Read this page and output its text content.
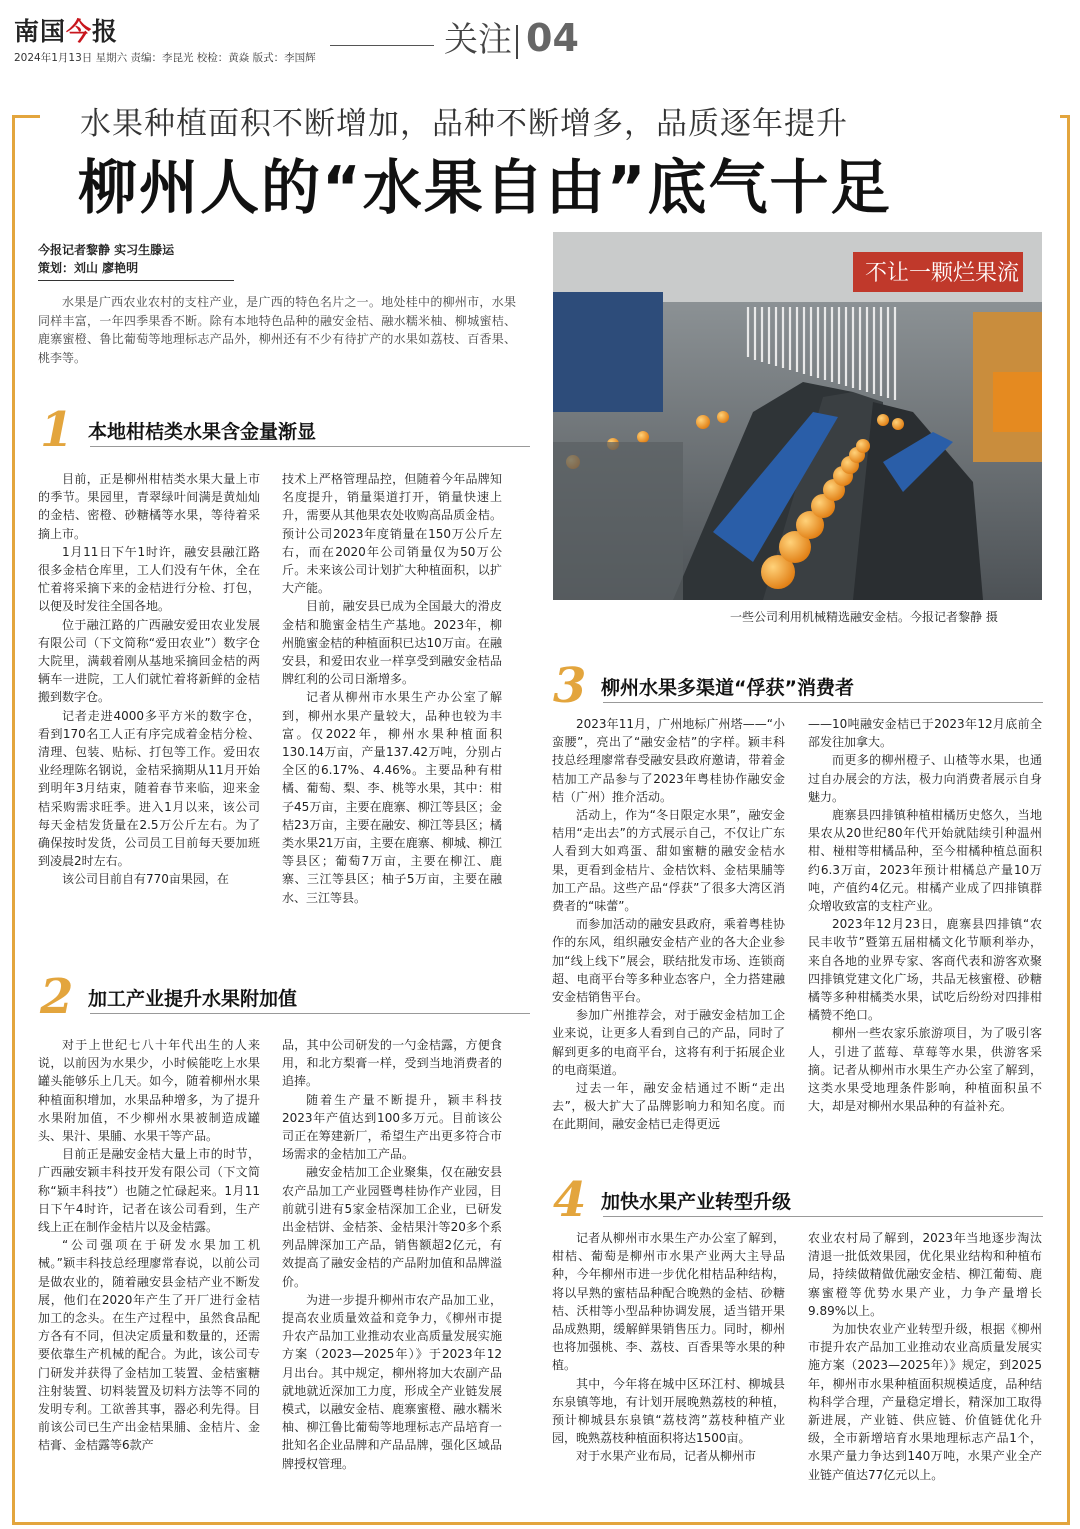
南国今报
2024年1月13日 星期六 责编：李昆光 校检：黄焱 版式：李国辉	关注 04
水果种植面积不断增加，品种不断增多，品质逐年提升
柳州人的“水果自由”底气十足
今报记者黎静 实习生滕运
策划：刘山 廖艳明
水果是广西农业农村的支柱产业，是广西的特色名片之一。地处桂中的柳州市，水果同样丰富，一年四季果香不断。除有本地特色品种的融安金桔、融水糯米柚、柳城蜜桔、鹿寨蜜橙、鲁比葡萄等地理标志产品外，柳州还有不少有待扩产的水果如荔枝、百香果、桃李等。
不让一颗烂果流
一些公司利用机械精选融安金桔。今报记者黎静 摄
1 本地柑桔类水果含金量渐显

目前，正是柳州柑桔类水果大量上市的季节。果园里，青翠绿叶间满是黄灿灿的金桔、密橙、砂糖橘等水果，等待着采摘上市。

1月11日下午1时许，融安县融江路很多金桔仓库里，工人们没有午休，全在忙着将采摘下来的金桔进行分检、打包，以便及时发往全国各地。

位于融江路的广西融安爱田农业发展有限公司（下文简称“爱田农业”）数字仓大院里，满载着刚从基地采摘回金桔的两辆车一进院，工人们就忙着将新鲜的金桔搬到数字仓。

记者走进4000多平方米的数字仓，看到170名工人正有序完成着金桔分检、清理、包装、贴标、打包等工作。爱田农业经理陈名钢说，金桔采摘期从11月开始到明年3月结束，随着春节来临，迎来金桔采购需求旺季。进入1月以来，该公司每天金桔发货量在2.5万公斤左右。为了确保按时发货，公司员工目前每天要加班到凌晨2时左右。

该公司目前自有770亩果园，在

技术上严格管理品控，但随着今年品牌知名度提升，销量渠道打开，销量快速上升，需要从其他果农处收购高品质金桔。预计公司2023年度销量在150万公斤左右，而在2020年公司销量仅为50万公斤。未来该公司计划扩大种植面积，以扩大产能。

目前，融安县已成为全国最大的滑皮金桔和脆蜜金桔生产基地。2023年，柳州脆蜜金桔的种植面积已达10万亩。在融安县，和爱田农业一样享受到融安金桔品牌红利的公司日渐增多。

记者从柳州市水果生产办公室了解到，柳州水果产量较大，品种也较为丰富。仅2022年，柳州水果种植面积130.14万亩，产量137.42万吨，分别占全区的6.17%、4.46%。主要品种有柑橘、葡萄、梨、李、桃等水果，其中：柑子45万亩，主要在鹿寨、柳江等县区；金桔23万亩，主要在融安、柳江等县区；橘类水果21万亩，主要在鹿寨、柳城、柳江等县区；葡萄7万亩，主要在柳江、鹿寨、三江等县区；柚子5万亩，主要在融水、三江等县。

2 加工产业提升水果附加值

对于上世纪七八十年代出生的人来说，以前因为水果少，小时候能吃上水果罐头能够乐上几天。如今，随着柳州水果种植面积增加，水果品种增多，为了提升水果附加值，不少柳州水果被制造成罐头、果汁、果脯、水果干等产品。

目前正是融安金桔大量上市的时节，广西融安颖丰科技开发有限公司（下文简称“颖丰科技”）也随之忙碌起来。1月11日下午4时许，记者在该公司看到，生产线上正在制作金桔片以及金桔露。

“公司强项在于研发水果加工机械。”颖丰科技总经理廖常春说，以前公司是做农业的，随着融安县金桔产业不断发展，他们在2020年产生了开厂进行金桔加工的念头。在生产过程中，虽然食品配方各有不同，但决定质量和数量的，还需要依靠生产机械的配合。为此，该公司专门研发并获得了金桔加工装置、金桔蜜糖注射装置、切料装置及切料方法等不同的发明专利。工欲善其事，器必利先得。目前该公司已生产出金桔果脯、金桔片、金桔膏、金桔露等6款产

品，其中公司研发的一勺金桔露，方便食用，和北方梨膏一样，受到当地消费者的追捧。

随着生产量不断提升，颖丰科技2023年产值达到100多万元。目前该公司正在筹建新厂，希望生产出更多符合市场需求的金桔加工产品。

融安金桔加工企业聚集，仅在融安县农产品加工产业园暨粤桂协作产业园，目前就引进有5家金桔深加工企业，已研发出金桔饼、金桔茶、金桔果汁等20多个系列品牌深加工产品，销售额超2亿元，有效提高了融安金桔的产品附加值和品牌溢价。

为进一步提升柳州市农产品加工业，提高农业质量效益和竞争力，《柳州市提升农产品加工业推动农业高质量发展实施方案（2023—2025年）》于2023年12月出台。其中规定，柳州将加大农副产品就地就近深加工力度，形成全产业链发展模式，以融安金桔、鹿寨蜜橙、融水糯米柚、柳江鲁比葡萄等地理标志产品培育一批知名企业品牌和产品品牌，强化区域品牌授权管理。

3 柳州水果多渠道“俘获”消费者

2023年11月，广州地标广州塔——“小蛮腰”，亮出了“融安金桔”的字样。颖丰科技总经理廖常春受融安县政府邀请，带着金桔加工产品参与了2023年粤桂协作融安金桔（广州）推介活动。

活动上，作为“冬日限定水果”，融安金桔用“走出去”的方式展示自己，不仅让广东人看到大如鸡蛋、甜如蜜糖的融安金桔水果，更看到金桔片、金桔饮料、金桔果脯等加工产品。这些产品“俘获”了很多大湾区消费者的“味蕾”。

而参加活动的融安县政府，乘着粤桂协作的东风，组织融安金桔产业的各大企业参加“线上线下”展会，联结批发市场、连锁商超、电商平台等多种业态客户，全力搭建融安金桔销售平台。

参加广州推荐会，对于融安金桔加工企业来说，让更多人看到自己的产品，同时了解到更多的电商平台，这将有利于拓展企业的电商渠道。

过去一年，融安金桔通过不断“走出去”，极大扩大了品牌影响力和知名度。而在此期间，融安金桔已走得更远

——10吨融安金桔已于2023年12月底前全部发往加拿大。

而更多的柳州橙子、山楂等水果，也通过自办展会的方法，极力向消费者展示自身魅力。

鹿寨县四排镇种植柑橘历史悠久，当地果农从20世纪80年代开始就陆续引种温州柑、椪柑等柑橘品种，至今柑橘种植总面积约6.3万亩，2023年预计柑橘总产量10万吨，产值约4亿元。柑橘产业成了四排镇群众增收致富的支柱产业。

2023年12月23日，鹿寨县四排镇“农民丰收节”暨第五届柑橘文化节顺利举办，来自各地的业界专家、客商代表和游客欢聚四排镇党建文化广场，共品无核蜜橙、砂糖橘等多种柑橘类水果，试吃后纷纷对四排柑橘赞不绝口。

柳州一些农家乐旅游项目，为了吸引客人，引进了蓝莓、草莓等水果，供游客采摘。记者从柳州市水果生产办公室了解到，这类水果受地理条件影响，种植面积虽不大，却是对柳州水果品种的有益补充。

4 加快水果产业转型升级

记者从柳州市水果生产办公室了解到，柑桔、葡萄是柳州市水果产业两大主导品种，今年柳州市进一步优化柑桔品种结构，将以早熟的蜜桔品种配合晚熟的金桔、砂糖桔、沃柑等小型品种协调发展，适当错开果品成熟期，缓解鲜果销售压力。同时，柳州也将加强桃、李、荔枝、百香果等水果的种植。

其中，今年将在城中区环江村、柳城县东泉镇等地，有计划开展晚熟荔枝的种植，预计柳城县东泉镇“荔枝湾”荔枝种植产业园，晚熟荔枝种植面积将达1500亩。

对于水果产业布局，记者从柳州市

农业农村局了解到，2023年当地逐步淘汰清退一批低效果园，优化果业结构和种植布局，持续做精做优融安金桔、柳江葡萄、鹿寨蜜橙等优势水果产业，力争产量增长9.89%以上。

为加快农业产业转型升级，根据《柳州市提升农产品加工业推动农业高质量发展实施方案（2023—2025年）》规定，到2025年，柳州市水果种植面积规模适度，品种结构科学合理，产量稳定增长，精深加工取得新进展，产业链、供应链、价值链优化升级，全市新增培育水果地理标志产品1个，水果产量力争达到140万吨，水果产业全产业链产值达77亿元以上。
